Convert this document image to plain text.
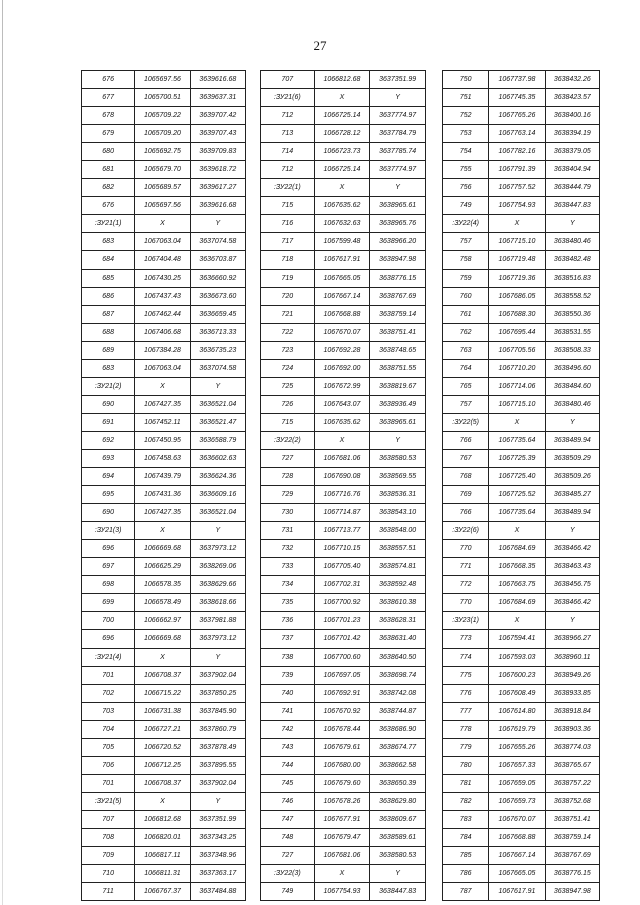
27
676	1065697.56	3639616.68
677	1065700.51	3639637.31
678	1065709.22	3639707.42
679	1065709.20	3639707.43
680	1065692.75	3639709.83
681	1065679.70	3639618.72
682	1065689.57	3639617.27
676	1065697.56	3639616.68
:ЗУ21(1)	X	Y
683	1067063.04	3637074.58
684	1067404.48	3636703.87
685	1067430.25	3636660.92
686	1067437.43	3636673.60
687	1067462.44	3636659.45
688	1067406.68	3636713.33
689	1067384.28	3636735.23
683	1067063.04	3637074.58
:ЗУ21(2)	X	Y
690	1067427.35	3636521.04
691	1067452.11	3636521.47
692	1067450.95	3636588.79
693	1067458.63	3636602.63
694	1067439.79	3636624.36
695	1067431.36	3636609.16
690	1067427.35	3636521.04
:ЗУ21(3)	X	Y
696	1066669.68	3637973.12
697	1066625.29	3638269.06
698	1066578.35	3638629.66
699	1066578.49	3638618.66
700	1066662.97	3637981.88
696	1066669.68	3637973.12
:ЗУ21(4)	X	Y
701	1066708.37	3637902.04
702	1066715.22	3637850.25
703	1066731.38	3637845.90
704	1066727.21	3637860.79
705	1066720.52	3637878.49
706	1066712.25	3637895.55
701	1066708.37	3637902.04
:ЗУ21(5)	X	Y
707	1066812.68	3637351.99
708	1066820.01	3637343.25
709	1066817.11	3637348.96
710	1066811.31	3637363.17
711	1066767.37	3637484.88
707	1066812.68	3637351.99
:ЗУ21(6)	X	Y
712	1066725.14	3637774.97
713	1066728.12	3637784.79
714	1066723.73	3637785.74
712	1066725.14	3637774.97
:ЗУ22(1)	X	Y
715	1067635.62	3638965.61
716	1067632.63	3638965.76
717	1067599.48	3638966.20
718	1067617.91	3638947.98
719	1067665.05	3638776.15
720	1067667.14	3638767.69
721	1067668.88	3638759.14
722	1067670.07	3638751.41
723	1067692.28	3638748.65
724	1067692.00	3638751.55
725	1067672.99	3638819.67
726	1067643.07	3638936.49
715	1067635.62	3638965.61
:ЗУ22(2)	X	Y
727	1067681.06	3638580.53
728	1067690.08	3638569.55
729	1067716.76	3638536.31
730	1067714.87	3638543.10
731	1067713.77	3638548.00
732	1067710.15	3638557.51
733	1067705.40	3638574.81
734	1067702.31	3638592.48
735	1067700.92	3638610.38
736	1067701.23	3638628.31
737	1067701.42	3638631.40
738	1067700.60	3638640.50
739	1067697.05	3638698.74
740	1067692.91	3638742.08
741	1067670.92	3638744.87
742	1067678.44	3638686.90
743	1067679.61	3638674.77
744	1067680.00	3638662.58
745	1067679.60	3638650.39
746	1067678.26	3638629.80
747	1067677.91	3638609.67
748	1067679.47	3638589.61
727	1067681.06	3638580.53
:ЗУ22(3)	X	Y
749	1067754.93	3638447.83
750	1067737.98	3638432.26
751	1067745.35	3638423.57
752	1067765.26	3638400.16
753	1067763.14	3638394.19
754	1067782.16	3638379.05
755	1067791.39	3638404.94
756	1067757.52	3638444.79
749	1067754.93	3638447.83
:ЗУ22(4)	X	Y
757	1067715.10	3638480.46
758	1067719.48	3638482.48
759	1067719.36	3638516.83
760	1067686.05	3638558.52
761	1067688.30	3638550.36
762	1067695.44	3638531.55
763	1067705.56	3638508.33
764	1067710.20	3638496.60
765	1067714.06	3638484.60
757	1067715.10	3638480.46
:ЗУ22(5)	X	Y
766	1067735.64	3638489.94
767	1067725.39	3638509.29
768	1067725.40	3638509.26
769	1067725.52	3638485.27
766	1067735.64	3638489.94
:ЗУ22(6)	X	Y
770	1067684.69	3638466.42
771	1067668.35	3638463.43
772	1067663.75	3638456.75
770	1067684.69	3638466.42
:ЗУ23(1)	X	Y
773	1067594.41	3638966.27
774	1067593.03	3638960.11
775	1067600.23	3638949.26
776	1067608.49	3638933.85
777	1067614.80	3638918.84
778	1067619.79	3638903.36
779	1067655.26	3638774.03
780	1067657.33	3638765.67
781	1067659.05	3638757.22
782	1067659.73	3638752.68
783	1067670.07	3638751.41
784	1067668.88	3638759.14
785	1067667.14	3638767.69
786	1067665.05	3638776.15
787	1067617.91	3638947.98
